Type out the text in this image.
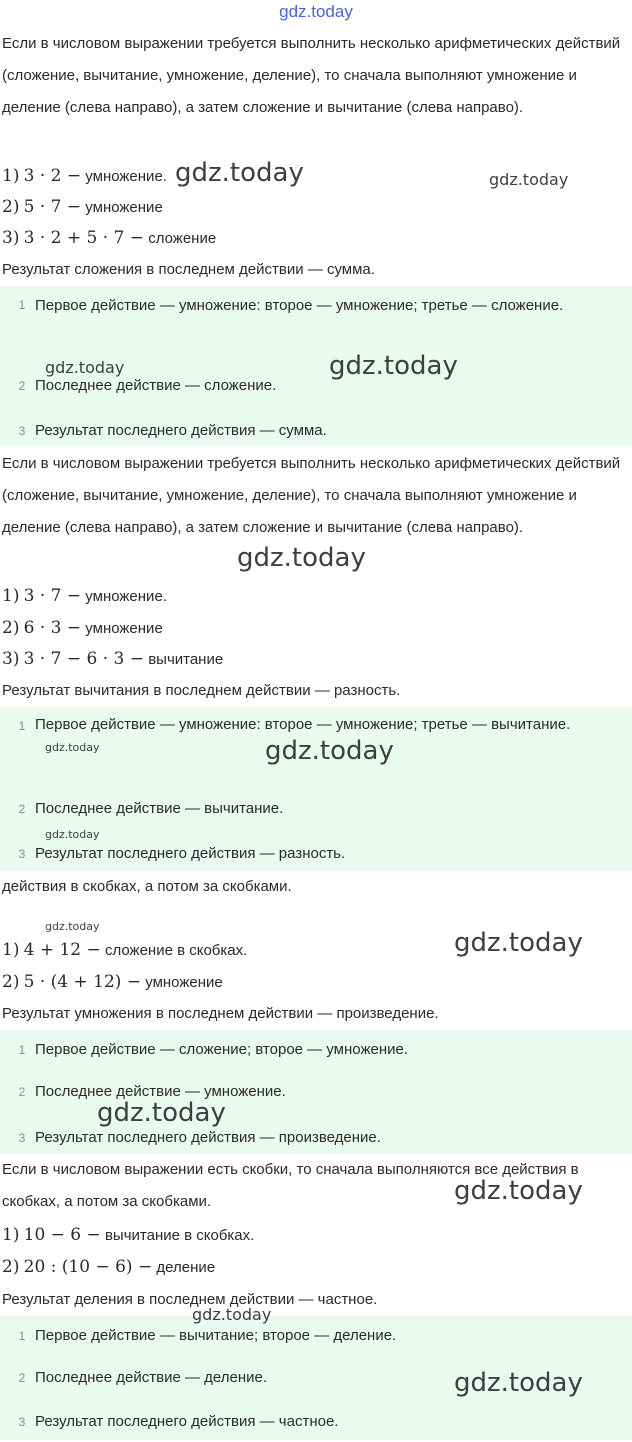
gdz.today

Если в числовом выражении требуется выполнить несколько арифметических действий (сложение, вычитание, умножение, деление), то сначала выполняют умножение и деление (слева направо), а затем сложение и вычитание (слева направо).

1) 3 · 2 − умножение.
2) 5 · 7 − умножение
3) 3 · 2 + 5 · 7 − сложение

Результат сложения в последнем действии — сумма.

1 Первое действие — умножение: второе — умножение; третье — сложение.

2 Последнее действие — сложение.

3 Результат последнего действия — сумма.

Если в числовом выражении требуется выполнить несколько арифметических действий (сложение, вычитание, умножение, деление), то сначала выполняют умножение и деление (слева направо), а затем сложение и вычитание (слева направо).

1) 3 · 7 − умножение.
2) 6 · 3 − умножение
3) 3 · 7 − 6 · 3 − вычитание

Результат вычитания в последнем действии — разность.

1 Первое действие — умножение: второе — умножение; третье — вычитание.

2 Последнее действие — вычитание.

3 Результат последнего действия — разность.

действия в скобках, а потом за скобками.

1) 4 + 12 − сложение в скобках.
2) 5 · (4 + 12) − умножение

Результат умножения в последнем действии — произведение.

1 Первое действие — сложение; второе — умножение.

2 Последнее действие — умножение.

3 Результат последнего действия — произведение.

Если в числовом выражении есть скобки, то сначала выполняются все действия в скобках, а потом за скобками.

1) 10 − 6 − вычитание в скобках.
2) 20 : (10 − 6) − деление

Результат деления в последнем действии — частное.

1 Первое действие — вычитание; второе — деление.

2 Последнее действие — деление.

3 Результат последнего действия — частное.

gdz.today	gdz.today
gdz.today	gdz.today
gdz.today
gdz.today	gdz.today
gdz.today
gdz.today
gdz.today
gdz.today
gdz.today
gdz.today
gdz.today
